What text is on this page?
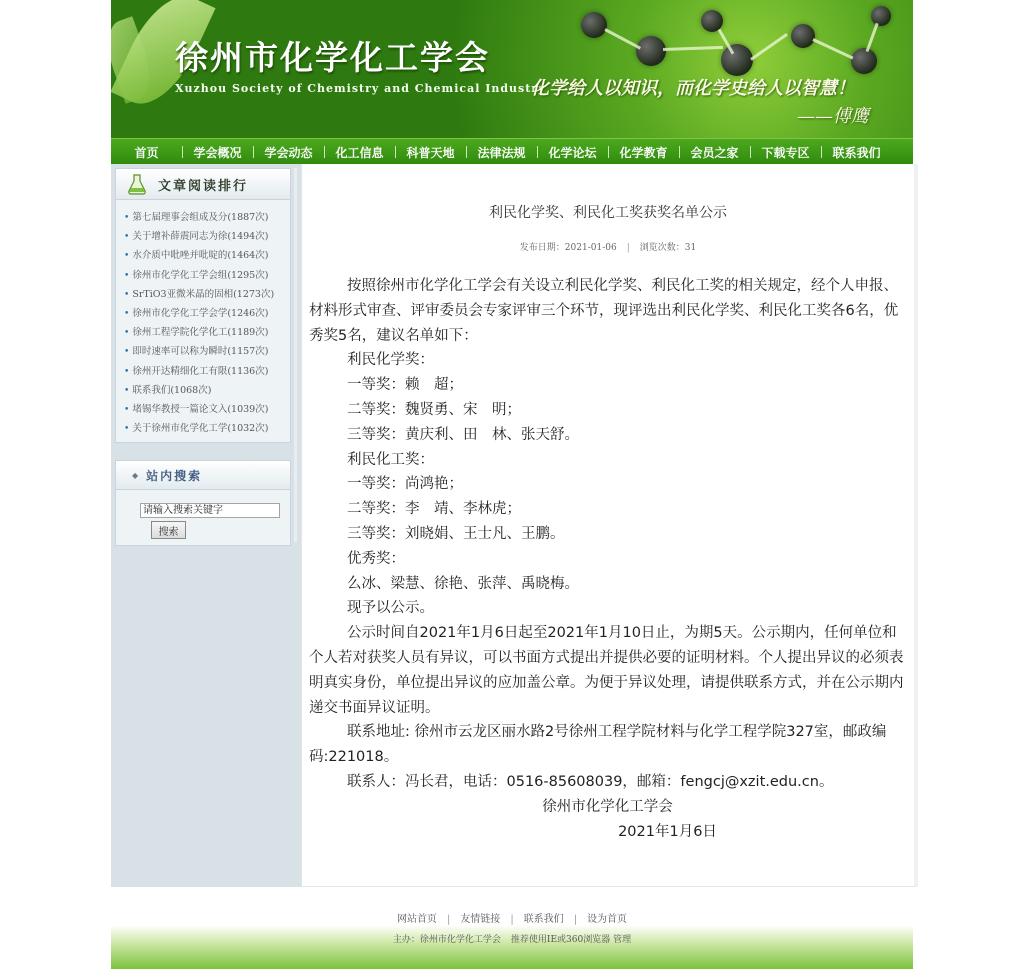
徐州市化学化工学会
Xuzhou Society of Chemistry and Chemical Industry
化学给人以知识，而化学史给人以智慧！
——傅鹰
首页	学会概况	学会动态	化工信息	科普天地	法律法规	化学论坛	化学教育	会员之家	下载专区	联系我们
文章阅读排行
• 第七届理事会组成及分(1887次)
• 关于增补薛震同志为徐(1494次)
• 水介质中吡唑并吡啶的(1464次)
• 徐州市化学化工学会组(1295次)
• SrTiO3亚微米晶的固相(1273次)
• 徐州市化学化工学会学(1246次)
• 徐州工程学院化学化工(1189次)
• 即时速率可以称为瞬时(1157次)
• 徐州开达精细化工有限(1136次)
• 联系我们(1068次)
• 堵锡华教授一篇论文入(1039次)
• 关于徐州市化学化工学(1032次)
◆ 站内搜索
请输入搜索关键字
搜索
利民化学奖、利民化工奖获奖名单公示
发布日期：2021-01-06 | 浏览次数：31

按照徐州市化学化工学会有关设立利民化学奖、利民化工奖的相关规定，经个人申报、材料形式审查、评审委员会专家评审三个环节，现评选出利民化学奖、利民化工奖各6名，优秀奖5名，建议名单如下：

利民化学奖：

一等奖：赖　超；

二等奖：魏贤勇、宋　明；

三等奖：黄庆利、田　林、张天舒。

利民化工奖：

一等奖：尚鸿艳；

二等奖：李　靖、李林虎；

三等奖：刘晓娟、王士凡、王鹏。

优秀奖：

么冰、梁慧、徐艳、张萍、禹晓梅。

现予以公示。

公示时间自2021年1月6日起至2021年1月10日止，为期5天。公示期内，任何单位和个人若对获奖人员有异议，可以书面方式提出并提供必要的证明材料。个人提出异议的必须表明真实身份，单位提出异议的应加盖公章。为便于异议处理，请提供联系方式，并在公示期内递交书面异议证明。

联系地址: 徐州市云龙区丽水路2号徐州工程学院材料与化学工程学院327室，邮政编码:221018。

联系人：冯长君，电话：0516-85608039，邮箱：fengcj@xzit.edu.cn。

徐州市化学化工学会

2021年1月6日

网站首页 | 友情链接 | 联系我们 | 设为首页
主办：徐州市化学化工学会 推荐使用IE或360浏览器 管理
